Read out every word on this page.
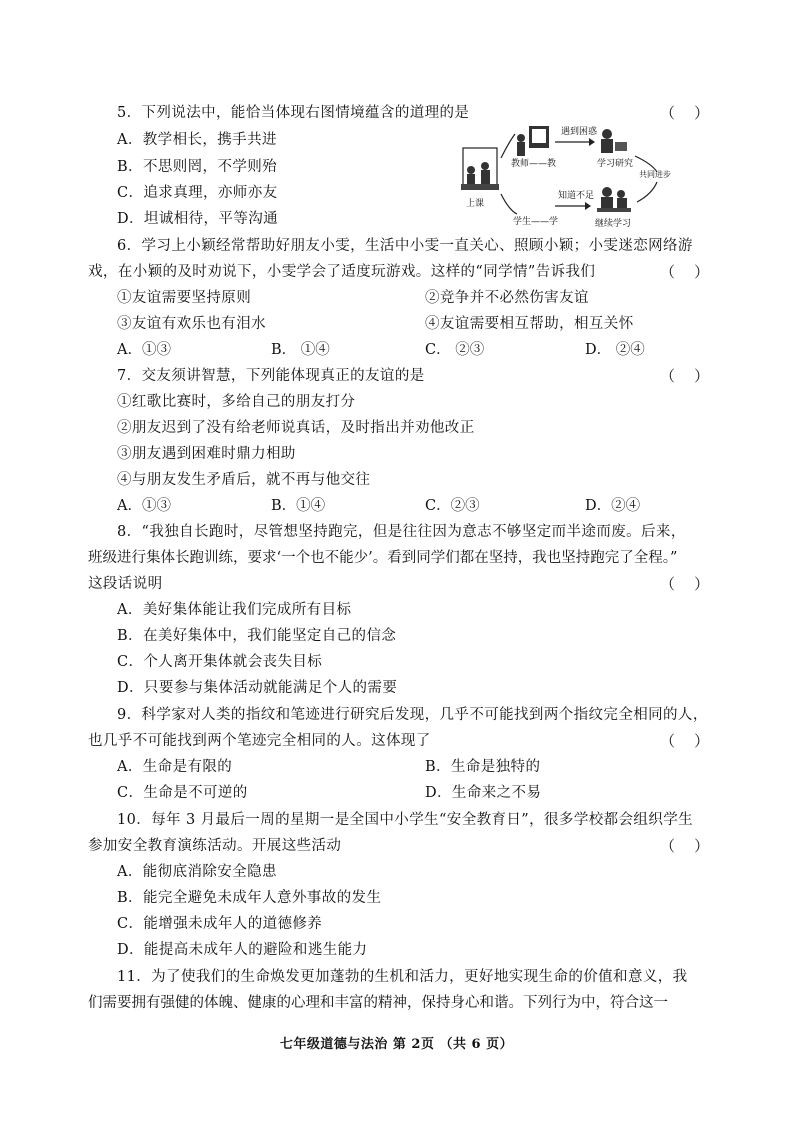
5．下列说法中，能恰当体现右图情境蕴含的道理的是	（    ）
A．教学相长，携手共进
B．不思则罔，不学则殆
C．追求真理，亦师亦友
D．坦诚相待，平等沟通
上课
教师——教
遇到困惑
学习研究
共同进步
学生——学
知道不足
继续学习
6．学习上小颖经常帮助好朋友小雯，生活中小雯一直关心、照顾小颖；小雯迷恋网络游
戏，在小颖的及时劝说下，小雯学会了适度玩游戏。这样的“同学情”告诉我们	（    ）
①友谊需要坚持原则	②竞争并不必然伤害友谊
③友谊有欢乐也有泪水	④友谊需要相互帮助，相互关怀
A．①③	B． ①④	C． ②③	D． ②④
7．交友须讲智慧，下列能体现真正的友谊的是	（    ）
①红歌比赛时，多给自己的朋友打分
②朋友迟到了没有给老师说真话，及时指出并劝他改正
③朋友遇到困难时鼎力相助
④与朋友发生矛盾后，就不再与他交往
A．①③	B．①④	C．②③	D．②④
8．“我独自长跑时，尽管想坚持跑完，但是往往因为意志不够坚定而半途而废。后来，
班级进行集体长跑训练，要求‘一个也不能少’。看到同学们都在坚持，我也坚持跑完了全程。”
这段话说明	（    ）
A．美好集体能让我们完成所有目标
B．在美好集体中，我们能坚定自己的信念
C．个人离开集体就会丧失目标
D．只要参与集体活动就能满足个人的需要
9．科学家对人类的指纹和笔迹进行研究后发现，几乎不可能找到两个指纹完全相同的人，
也几乎不可能找到两个笔迹完全相同的人。这体现了	（    ）
A．生命是有限的	B．生命是独特的
C．生命是不可逆的	D．生命来之不易
10．每年 3 月最后一周的星期一是全国中小学生“安全教育日”，很多学校都会组织学生
参加安全教育演练活动。开展这些活动	（    ）
A．能彻底消除安全隐患
B．能完全避免未成年人意外事故的发生
C．能增强未成年人的道德修养
D．能提高未成年人的避险和逃生能力
11．为了使我们的生命焕发更加蓬勃的生机和活力，更好地实现生命的价值和意义，我
们需要拥有强健的体魄、健康的心理和丰富的精神，保持身心和谐。下列行为中，符合这一
七年级道德与法治 第 2页 （共 6 页）
